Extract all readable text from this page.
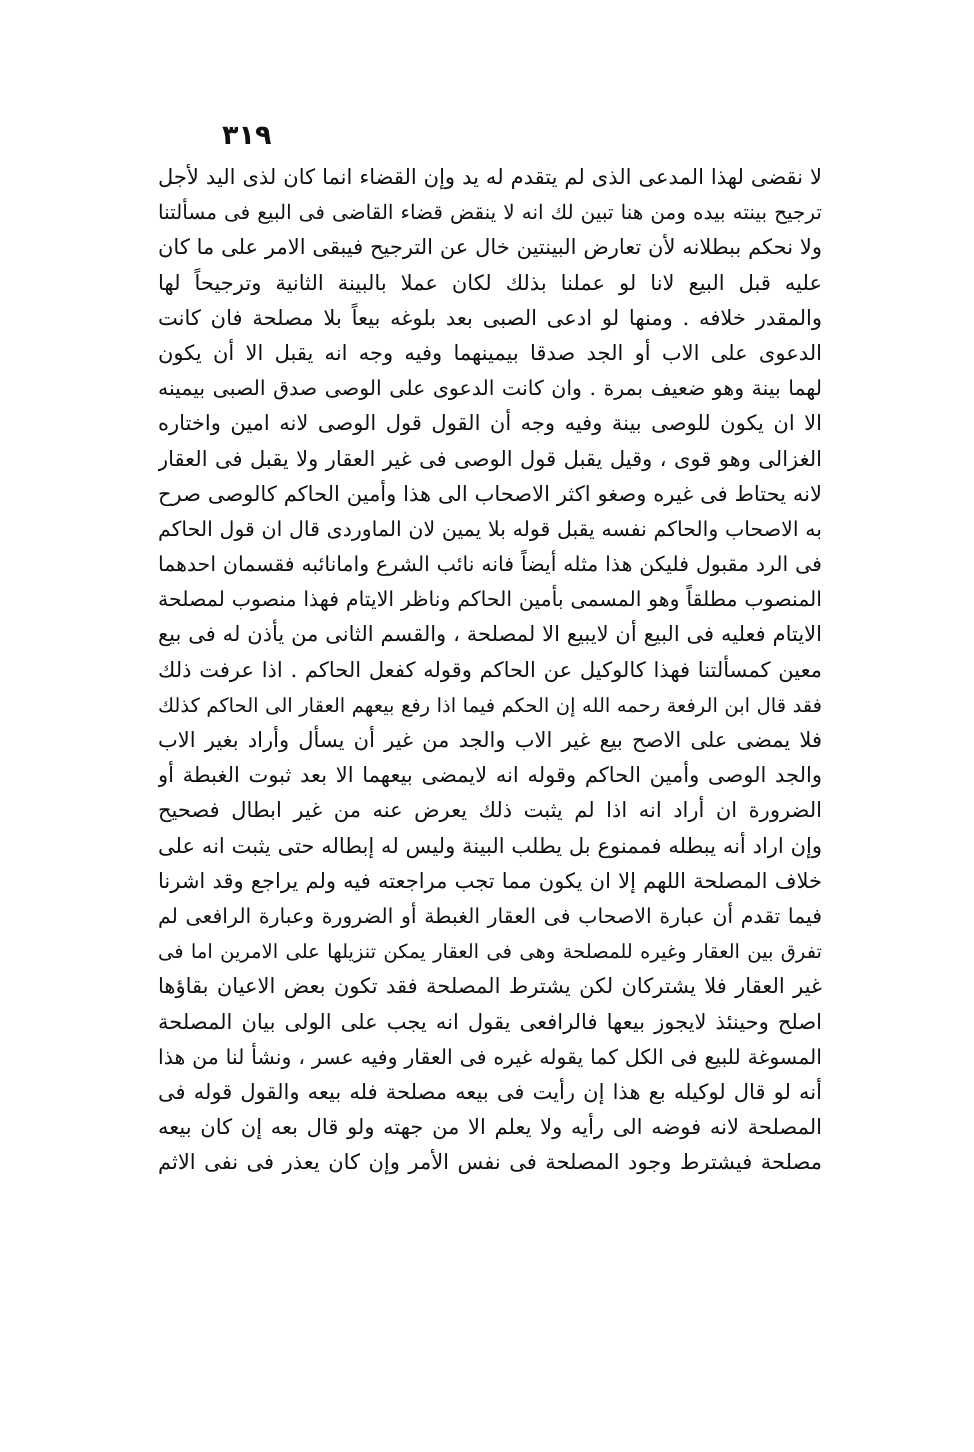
٣١٩
لا نقضى لهذا المدعى الذى لم يتقدم له يد وإن القضاء انما كان لذى اليد لأجل
ترجيح بينته بيده ومن هنا تبين لك انه لا ينقض قضاء القاضى فى البيع فى مسألتنا
ولا نحكم ببطلانه لأن تعارض البينتين خال عن الترجيح فيبقى الامر على ما كان
عليه قبل البيع لانا لو عملنا بذلك لكان عملا بالبينة الثانية وترجيحاً لها
والمقدر خلافه . ومنها لو ادعى الصبى بعد بلوغه بيعاً بلا مصلحة فان كانت
الدعوى على الاب أو الجد صدقا بيمينهما وفيه وجه انه يقبل الا أن يكون
لهما بينة وهو ضعيف بمرة . وان كانت الدعوى على الوصى صدق الصبى بيمينه
الا ان يكون للوصى بينة وفيه وجه أن القول قول الوصى لانه امين واختاره
الغزالى وهو قوى ، وقيل يقبل قول الوصى فى غير العقار ولا يقبل فى العقار
لانه يحتاط فى غيره وصغو اكثر الاصحاب الى هذا وأمين الحاكم كالوصى صرح
به الاصحاب والحاكم نفسه يقبل قوله بلا يمين لان الماوردى قال ان قول الحاكم
فى الرد مقبول فليكن هذا مثله أيضاً فانه نائب الشرع وامانائبه فقسمان احدهما
المنصوب مطلقاً وهو المسمى بأمين الحاكم وناظر الايتام فهذا منصوب لمصلحة
الايتام فعليه فى البيع أن لايبيع الا لمصلحة ، والقسم الثانى من يأذن له فى بيع
معين كمسألتنا فهذا كالوكيل عن الحاكم وقوله كفعل الحاكم . اذا عرفت ذلك
فقد قال ابن الرفعة رحمه الله إن الحكم فيما اذا رفع بيعهم العقار الى الحاكم كذلك
فلا يمضى على الاصح بيع غير الاب والجد من غير أن يسأل وأراد بغير الاب
والجد الوصى وأمين الحاكم وقوله انه لايمضى بيعهما الا بعد ثبوت الغبطة أو
الضرورة ان أراد انه اذا لم يثبت ذلك يعرض عنه من غير ابطال فصحيح
وإن اراد أنه يبطله فممنوع بل يطلب البينة وليس له إبطاله حتى يثبت انه على
خلاف المصلحة اللهم إلا ان يكون مما تجب مراجعته فيه ولم يراجع وقد اشرنا
فيما تقدم أن عبارة الاصحاب فى العقار الغبطة أو الضرورة وعبارة الرافعى لم
تفرق بين العقار وغيره للمصلحة وهى فى العقار يمكن تنزيلها على الامرين اما فى
غير العقار فلا يشتركان لكن يشترط المصلحة فقد تكون بعض الاعيان بقاؤها
اصلح وحينئذ لايجوز بيعها فالرافعى يقول انه يجب على الولى بيان المصلحة
المسوغة للبيع فى الكل كما يقوله غيره فى العقار وفيه عسر ، ونشأ لنا من هذا
أنه لو قال لوكيله بع هذا إن رأيت فى بيعه مصلحة فله بيعه والقول قوله فى
المصلحة لانه فوضه الى رأيه ولا يعلم الا من جهته ولو قال بعه إن كان بيعه
مصلحة فيشترط وجود المصلحة فى نفس الأمر وإن كان يعذر فى نفى الاثم
